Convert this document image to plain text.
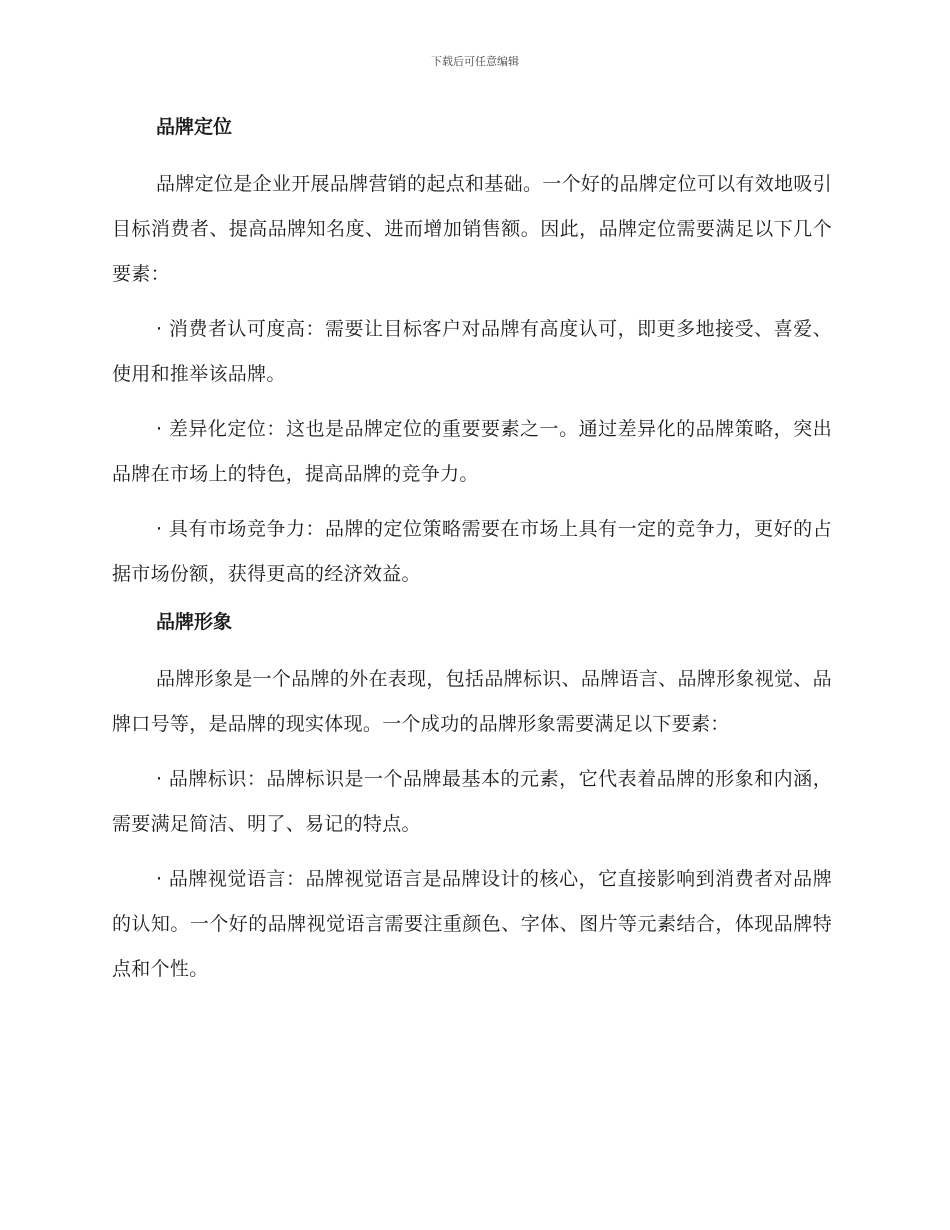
下载后可任意编辑
品牌定位

品牌定位是企业开展品牌营销的起点和基础。一个好的品牌定位可以有效地吸引目标消费者、提高品牌知名度、进而增加销售额。因此，品牌定位需要满足以下几个要素：

· 消费者认可度高：需要让目标客户对品牌有高度认可，即更多地接受、喜爱、使用和推举该品牌。

· 差异化定位：这也是品牌定位的重要要素之一。通过差异化的品牌策略，突出品牌在市场上的特色，提高品牌的竞争力。

· 具有市场竞争力：品牌的定位策略需要在市场上具有一定的竞争力，更好的占据市场份额，获得更高的经济效益。

品牌形象

品牌形象是一个品牌的外在表现，包括品牌标识、品牌语言、品牌形象视觉、品牌口号等，是品牌的现实体现。一个成功的品牌形象需要满足以下要素：

· 品牌标识：品牌标识是一个品牌最基本的元素，它代表着品牌的形象和内涵，需要满足简洁、明了、易记的特点。

· 品牌视觉语言：品牌视觉语言是品牌设计的核心，它直接影响到消费者对品牌的认知。一个好的品牌视觉语言需要注重颜色、字体、图片等元素结合，体现品牌特点和个性。
